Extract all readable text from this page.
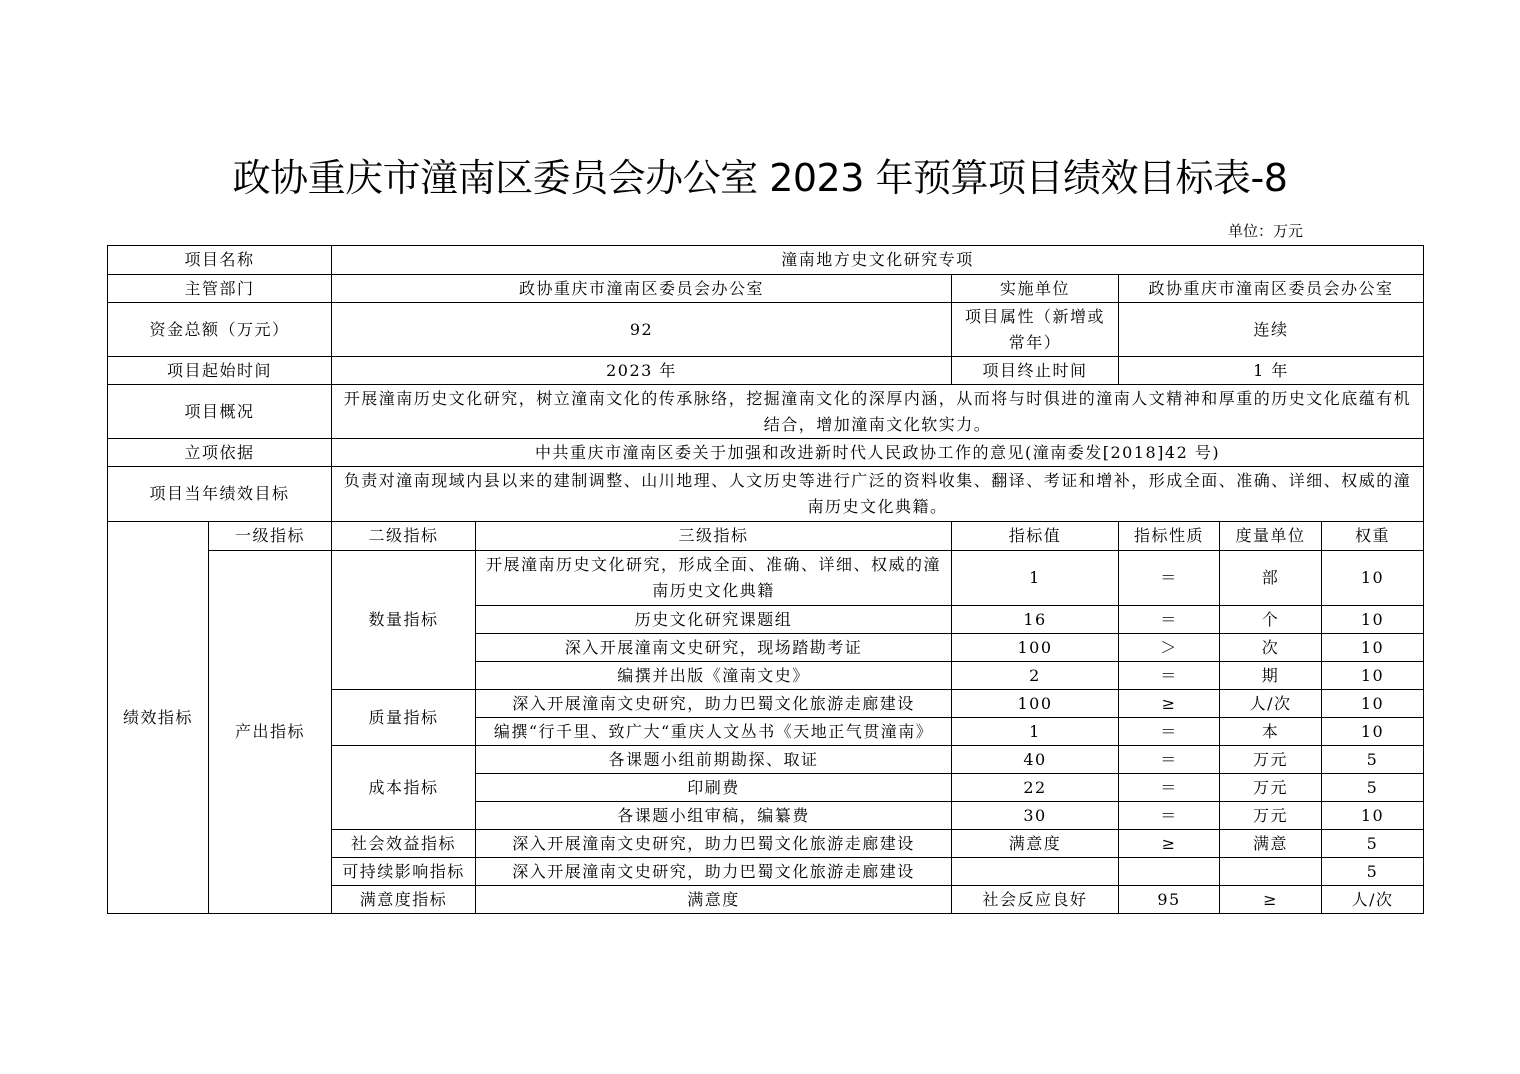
政协重庆市潼南区委员会办公室 2023 年预算项目绩效目标表-8
单位：万元
项目名称		潼南地方史文化研究专项						
主管部门		政协重庆市潼南区委员会办公室		实施单位	政协重庆市潼南区委员会办公室			
资金总额（万元）		92		项目属性（新增或常年）	连续			
项目起始时间		2023 年		项目终止时间	1 年			
项目概况		开展潼南历史文化研究，树立潼南文化的传承脉络，挖掘潼南文化的深厚内涵，从而将与时俱进的潼南人文精神和厚重的历史文化底蕴有机结合，增加潼南文化软实力。						
立项依据		中共重庆市潼南区委关于加强和改进新时代人民政协工作的意见(潼南委发[2018]42 号)						
项目当年绩效目标		负责对潼南现域内县以来的建制调整、山川地理、人文历史等进行广泛的资料收集、翻译、考证和增补，形成全面、准确、详细、权威的潼南历史文化典籍。						
绩效指标	一级指标	二级指标	三级指标	指标值	指标性质	度量单位	权重	
	产出指标	数量指标	开展潼南历史文化研究，形成全面、准确、详细、权威的潼南历史文化典籍	1	＝	部	10	
			历史文化研究课题组	16	＝	个	10	
			深入开展潼南文史研究，现场踏勘考证	100	＞	次	10	
			编撰并出版《潼南文史》	2	＝	期	10	
		质量指标	深入开展潼南文史研究，助力巴蜀文化旅游走廊建设	100	≥	人/次	10	
			编撰“行千里、致广大“重庆人文丛书《天地正气贯潼南》	1	＝	本	10	
		成本指标	各课题小组前期勘探、取证	40	＝	万元	5	
			印刷费	22	＝	万元	5	
			各课题小组审稿，编纂费	30	＝	万元	10	
		社会效益指标	深入开展潼南文史研究，助力巴蜀文化旅游走廊建设	满意度	≥	满意	5	
		可持续影响指标	深入开展潼南文史研究，助力巴蜀文化旅游走廊建设				5	
		满意度指标	满意度	社会反应良好	95	≥	人/次	
